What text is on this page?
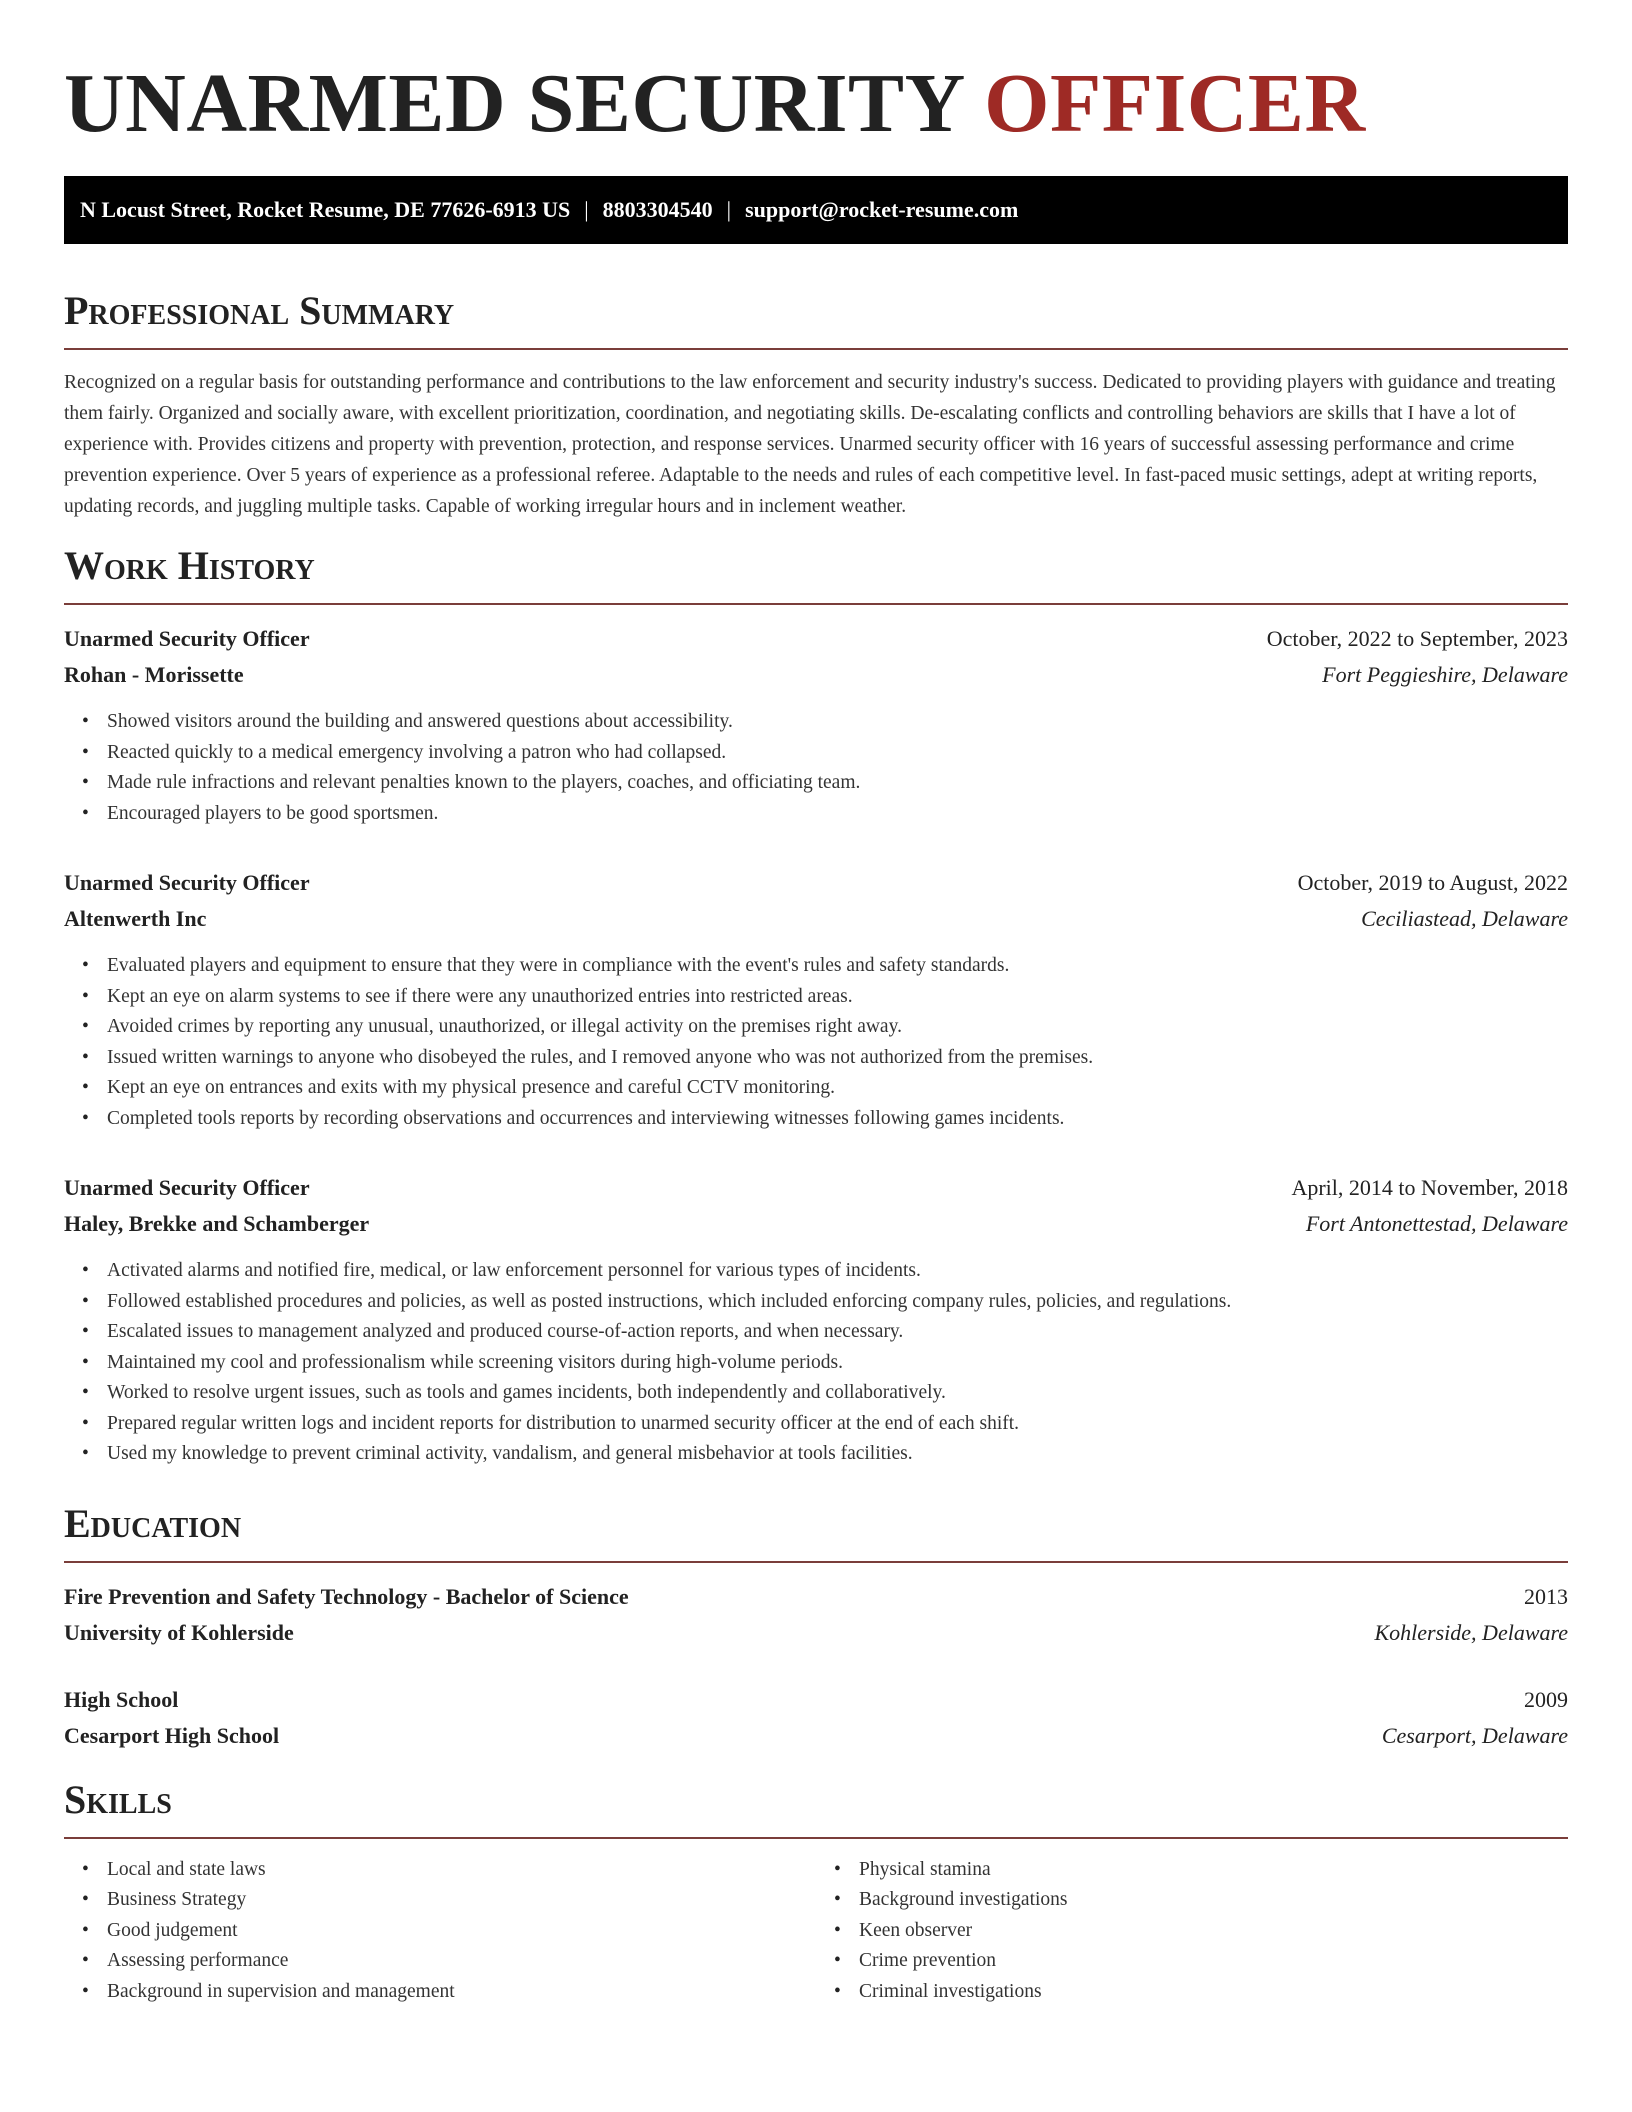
UNARMED SECURITY OFFICER
N Locust Street, Rocket Resume, DE 77626-6913 US | 8803304540 | support@rocket-resume.com
Professional Summary

Recognized on a regular basis for outstanding performance and contributions to the law enforcement and security industry's success. Dedicated to providing players with guidance and treating them fairly. Organized and socially aware, with excellent prioritization, coordination, and negotiating skills. De-escalating conflicts and controlling behaviors are skills that I have a lot of experience with. Provides citizens and property with prevention, protection, and response services. Unarmed security officer with 16 years of successful assessing performance and crime prevention experience. Over 5 years of experience as a professional referee. Adaptable to the needs and rules of each competitive level. In fast-paced music settings, adept at writing reports, updating records, and juggling multiple tasks. Capable of working irregular hours and in inclement weather.

Work History
Unarmed Security Officer	October, 2022 to September, 2023
Rohan - Morissette	Fort Peggieshire, Delaware
• Showed visitors around the building and answered questions about accessibility.
• Reacted quickly to a medical emergency involving a patron who had collapsed.
• Made rule infractions and relevant penalties known to the players, coaches, and officiating team.
• Encouraged players to be good sportsmen.
Unarmed Security Officer	October, 2019 to August, 2022
Altenwerth Inc	Ceciliastead, Delaware
• Evaluated players and equipment to ensure that they were in compliance with the event's rules and safety standards.
• Kept an eye on alarm systems to see if there were any unauthorized entries into restricted areas.
• Avoided crimes by reporting any unusual, unauthorized, or illegal activity on the premises right away.
• Issued written warnings to anyone who disobeyed the rules, and I removed anyone who was not authorized from the premises.
• Kept an eye on entrances and exits with my physical presence and careful CCTV monitoring.
• Completed tools reports by recording observations and occurrences and interviewing witnesses following games incidents.
Unarmed Security Officer	April, 2014 to November, 2018
Haley, Brekke and Schamberger	Fort Antonettestad, Delaware
• Activated alarms and notified fire, medical, or law enforcement personnel for various types of incidents.
• Followed established procedures and policies, as well as posted instructions, which included enforcing company rules, policies, and regulations.
• Escalated issues to management analyzed and produced course-of-action reports, and when necessary.
• Maintained my cool and professionalism while screening visitors during high-volume periods.
• Worked to resolve urgent issues, such as tools and games incidents, both independently and collaboratively.
• Prepared regular written logs and incident reports for distribution to unarmed security officer at the end of each shift.
• Used my knowledge to prevent criminal activity, vandalism, and general misbehavior at tools facilities.
Education
Fire Prevention and Safety Technology - Bachelor of Science	2013
University of Kohlerside	Kohlerside, Delaware
High School	2009
Cesarport High School	Cesarport, Delaware
Skills
• Local and state laws
• Business Strategy
• Good judgement
• Assessing performance
• Background in supervision and management
• Physical stamina
• Background investigations
• Keen observer
• Crime prevention
• Criminal investigations
